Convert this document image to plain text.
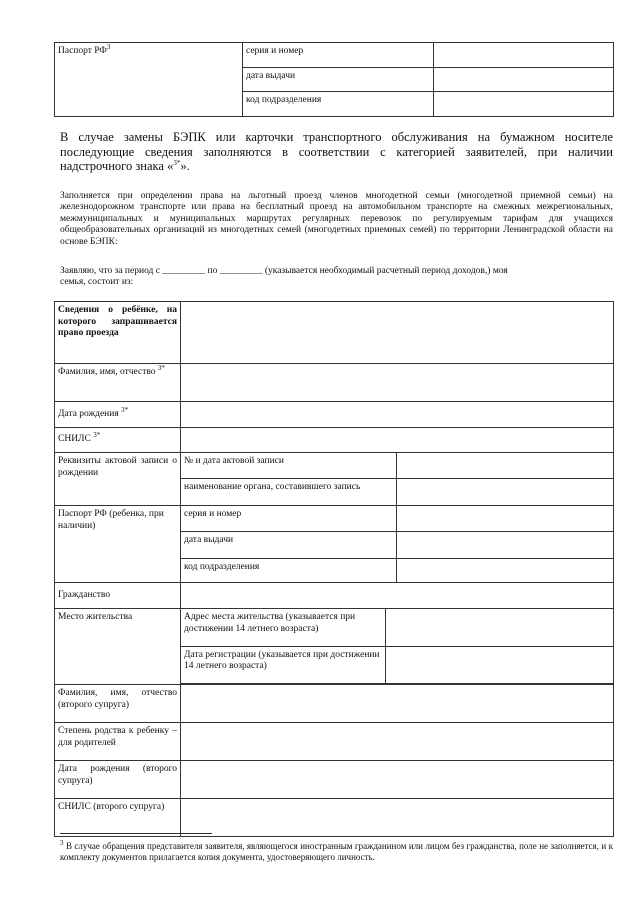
Паспорт $РФ^3$	серия и номер	
	дата выдачи	
	код подразделения	
В случае замены БЭПК или карточки транспортного обслуживания на бумажном носителе последующие сведения заполняются в соответствии с категорией заявителей, при наличии надстрочного знака «$^{3*}$».
Заполняется при определении права на льготный проезд членов многодетной семьи (многодетной приемной семьи) на железнодорожном транспорте или права на бесплатный проезд на автомобильном транспорте на смежных межрегиональных, межмуниципальных и муниципальных маршрутах регулярных перевозок по регулируемым тарифам для учащихся общеобразовательных организаций из многодетных семей (многодетных приемных семей) по территории Ленинградской области на основе БЭПК:
Заявляю, что за период с _________ по _________ (указывается необходимый расчетный период доходов,) моя
семья, состоит из:
Сведения о ребёнке, на которого запрашивается право проезда	
Фамилия, имя, отчество $^{3*}$	
Дата рождения $^{3*}$	
СНИЛС $^{3*}$	
Реквизиты актовой записи о рождении	№ и дата актовой записи	
наименование органа, составившего запись	
Паспорт РФ (ребенка, при наличии)	серия и номер	
дата выдачи	
код подразделения	
Гражданство	
Место жительства		Адрес места жительства (указывается при достижении 14 летнего возраста)	
Дата регистрации (указывается при достижении 14 летнего возраста)	

Фамилия, имя, отчество (второго супруга)	
Степень родства к ребенку – для родителей	
Дата рождения (второго супруга)	
СНИЛС (второго супруга)	
$^3$ В случае обращения представителя заявителя, являющегося иностранным гражданином или лицом без гражданства, поле не заполняется, и к комплекту документов прилагается копия документа, удостоверяющего личность.
